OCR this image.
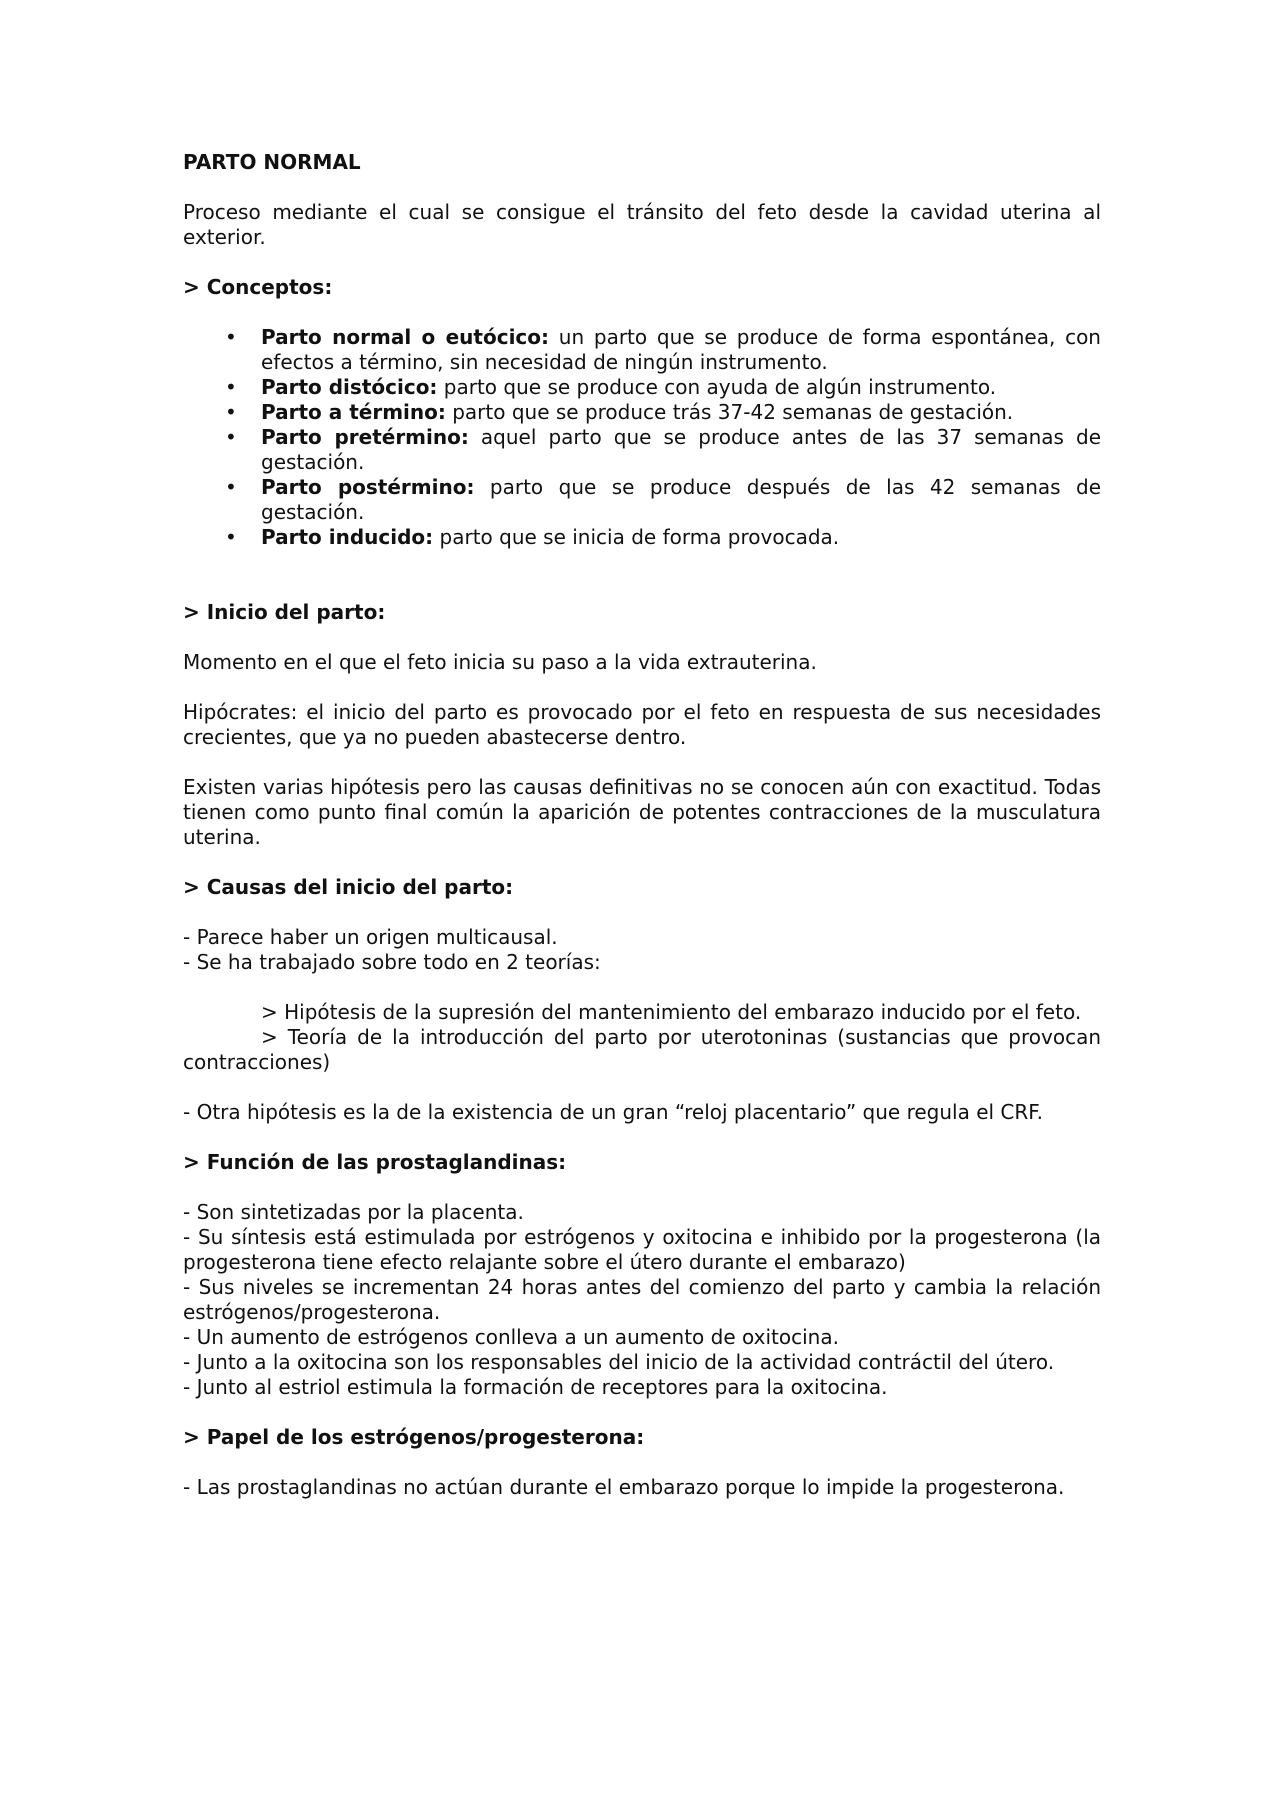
PARTO NORMAL

Proceso mediante el cual se consigue el tránsito del feto desde la cavidad uterina al exterior.

> Conceptos:

• Parto normal o eutócico: un parto que se produce de forma espontánea, con efectos a término, sin necesidad de ningún instrumento.
• Parto distócico: parto que se produce con ayuda de algún instrumento.
• Parto a término: parto que se produce trás 37-42 semanas de gestación.
• Parto pretérmino: aquel parto que se produce antes de las 37 semanas de gestación.
• Parto postérmino: parto que se produce después de las 42 semanas de gestación.
• Parto inducido: parto que se inicia de forma provocada.

> Inicio del parto:

Momento en el que el feto inicia su paso a la vida extrauterina.

Hipócrates: el inicio del parto es provocado por el feto en respuesta de sus necesidades crecientes, que ya no pueden abastecerse dentro.

Existen varias hipótesis pero las causas definitivas no se conocen aún con exactitud. Todas tienen como punto final común la aparición de potentes contracciones de la musculatura uterina.

> Causas del inicio del parto:

- Parece haber un origen multicausal.

- Se ha trabajado sobre todo en 2 teorías:

> Hipótesis de la supresión del mantenimiento del embarazo inducido por el feto.

> Teoría de la introducción del parto por uterotoninas (sustancias que provocan        contracciones)

- Otra hipótesis es la de la existencia de un gran “reloj placentario” que regula el CRF.

> Función de las prostaglandinas:

- Son sintetizadas por la placenta.

- Su síntesis está estimulada por estrógenos y oxitocina e inhibido por la progesterona (la progesterona tiene efecto relajante sobre el útero durante el embarazo)

- Sus niveles se incrementan 24 horas antes del comienzo del parto y cambia la relación estrógenos/progesterona.

- Un aumento de estrógenos conlleva a un aumento de oxitocina.

- Junto a la oxitocina son los responsables del inicio de la actividad contráctil del útero.

- Junto al estriol estimula la formación de receptores para la oxitocina.

> Papel de los estrógenos/progesterona:

- Las prostaglandinas no actúan durante el embarazo porque lo impide la progesterona.
